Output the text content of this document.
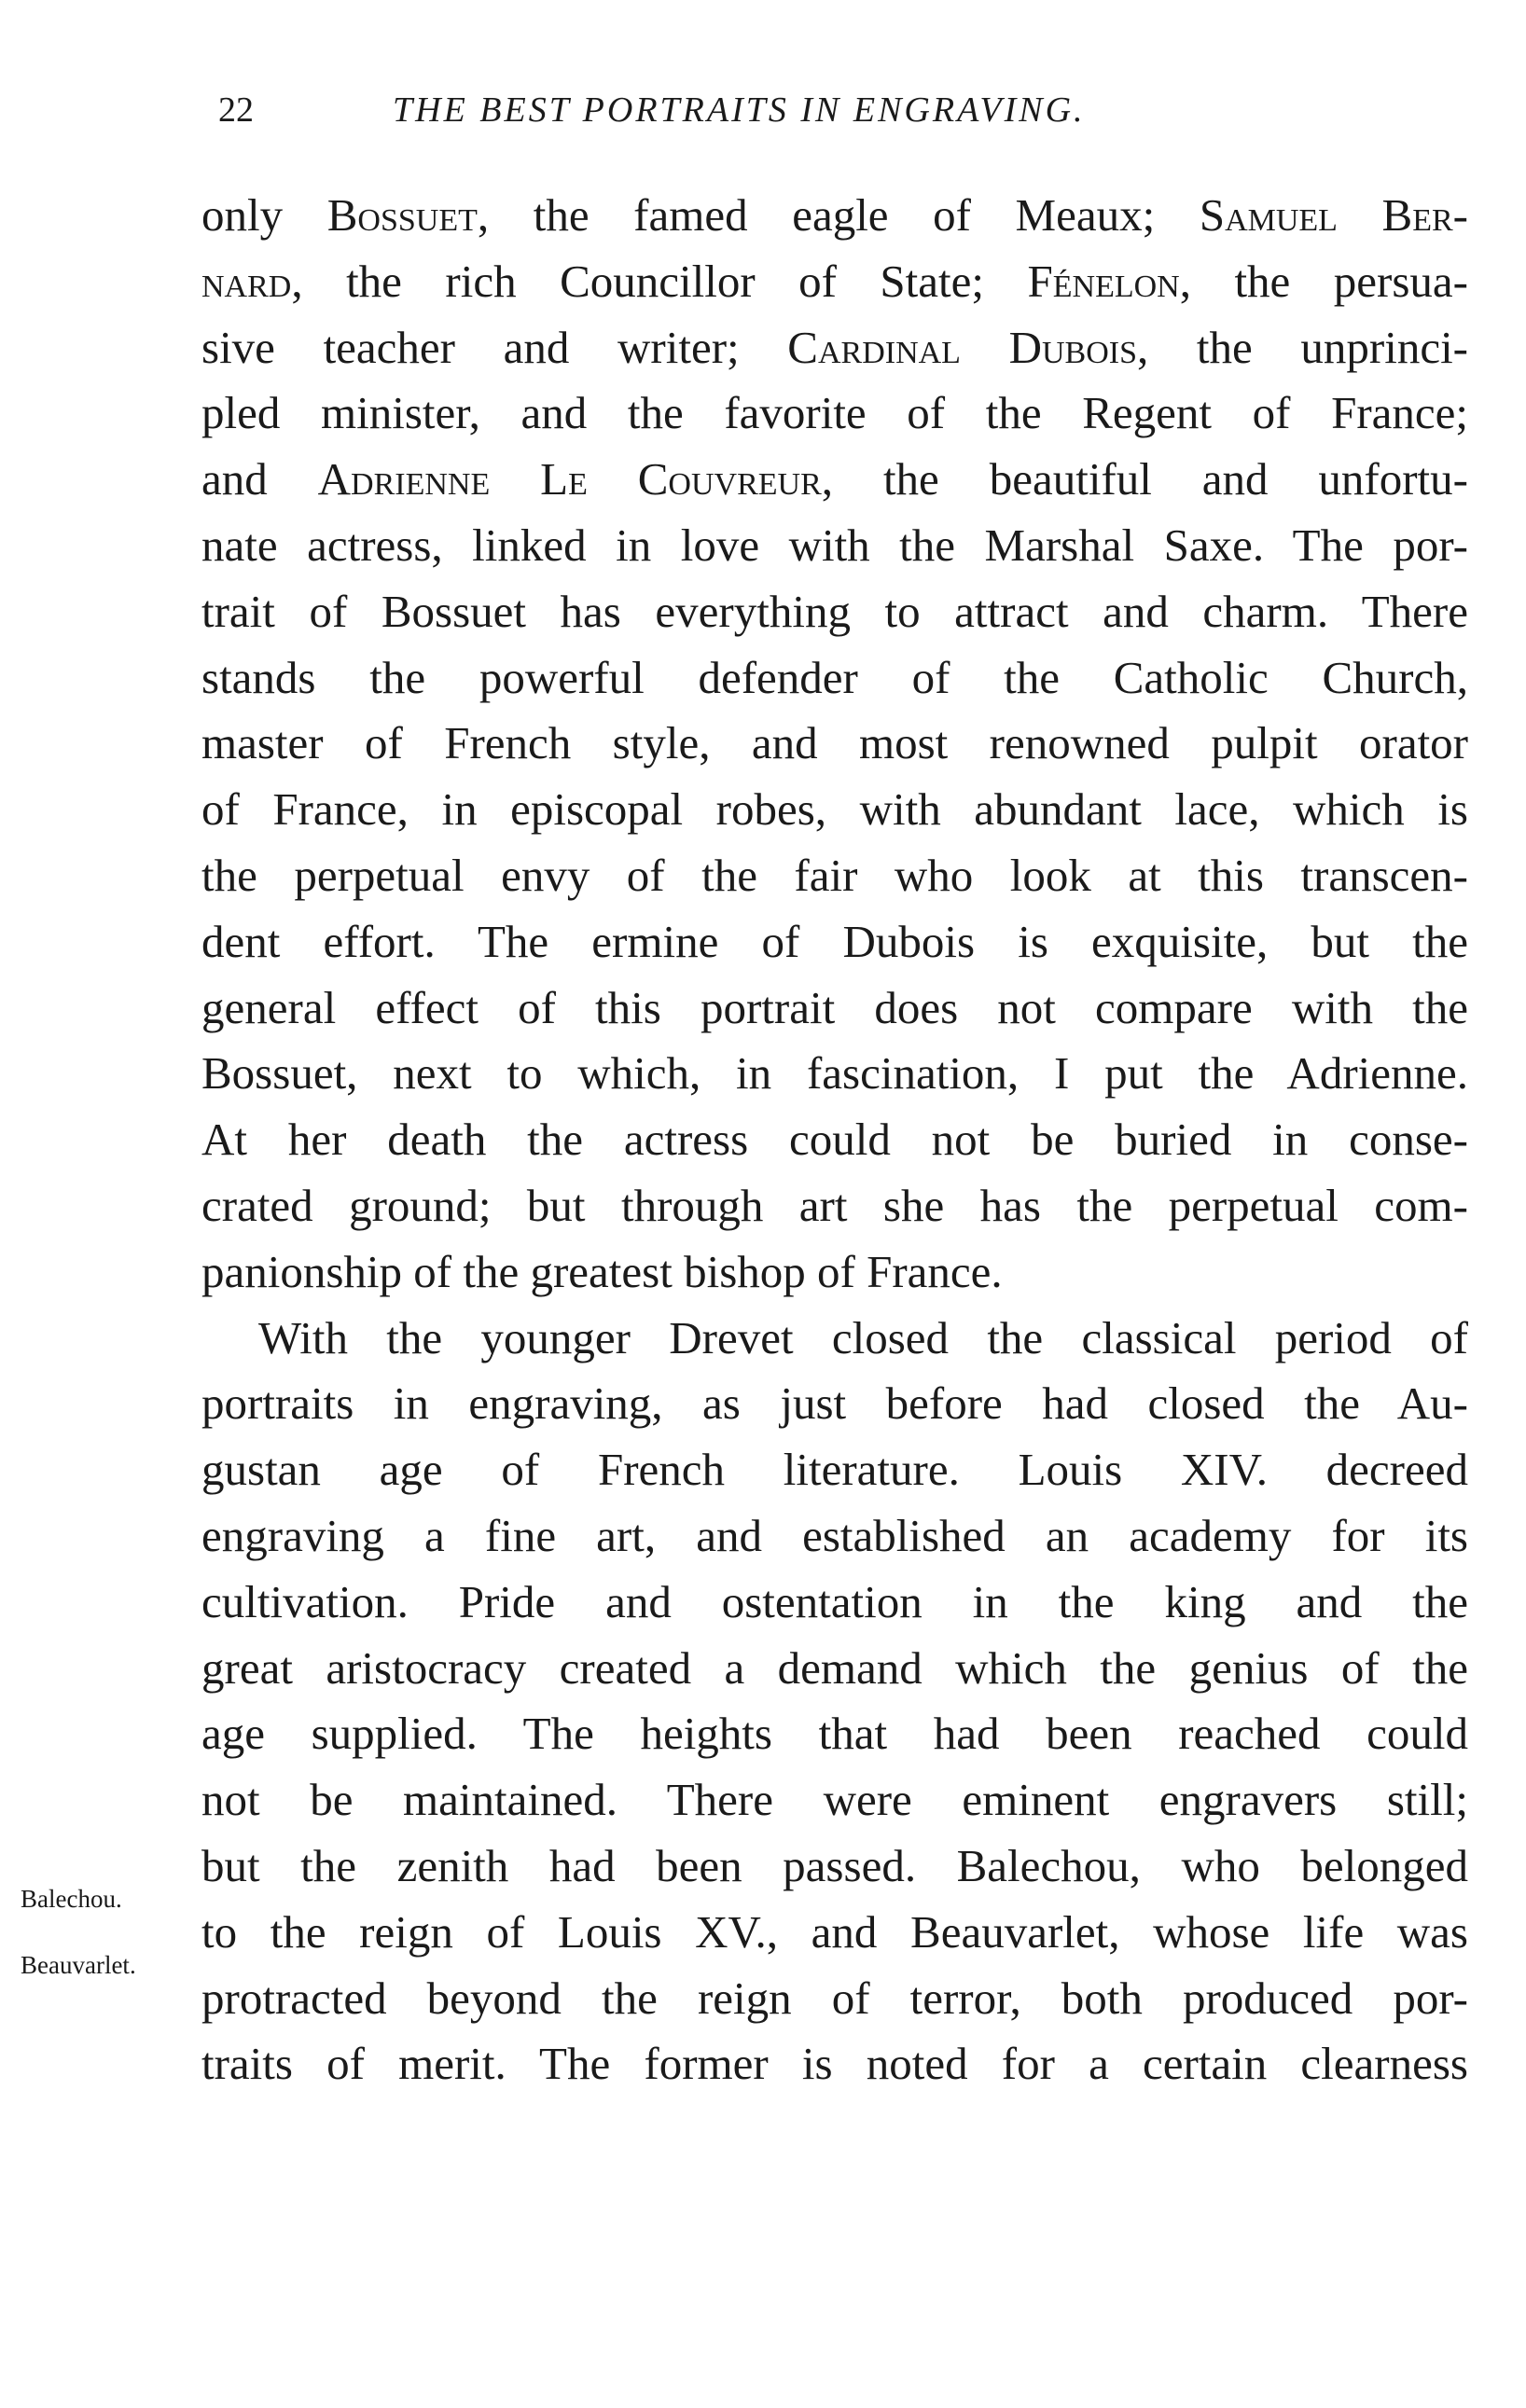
22	THE BEST PORTRAITS IN ENGRAVING.
Balechou.
Beauvarlet.
only Bossuet, the famed eagle of Meaux; Samuel Ber-
nard, the rich Councillor of State; Fénelon, the persua-
sive teacher and writer; Cardinal Dubois, the unprinci-
pled minister, and the favorite of the Regent of France;
and Adrienne Le Couvreur, the beautiful and unfortu-
nate actress, linked in love with the Marshal Saxe. The por-
trait of Bossuet has everything to attract and charm. There
stands the powerful defender of the Catholic Church,
master of French style, and most renowned pulpit orator
of France, in episcopal robes, with abundant lace, which is
the perpetual envy of the fair who look at this transcen-
dent effort. The ermine of Dubois is exquisite, but the
general effect of this portrait does not compare with the
Bossuet, next to which, in fascination, I put the Adrienne.
At her death the actress could not be buried in conse-
crated ground; but through art she has the perpetual com-
panionship of the greatest bishop of France.
With the younger Drevet closed the classical period of
portraits in engraving, as just before had closed the Au-
gustan age of French literature. Louis XIV. decreed
engraving a fine art, and established an academy for its
cultivation. Pride and ostentation in the king and the
great aristocracy created a demand which the genius of the
age supplied. The heights that had been reached could
not be maintained. There were eminent engravers still;
but the zenith had been passed. Balechou, who belonged
to the reign of Louis XV., and Beauvarlet, whose life was
protracted beyond the reign of terror, both produced por-
traits of merit. The former is noted for a certain clearness
